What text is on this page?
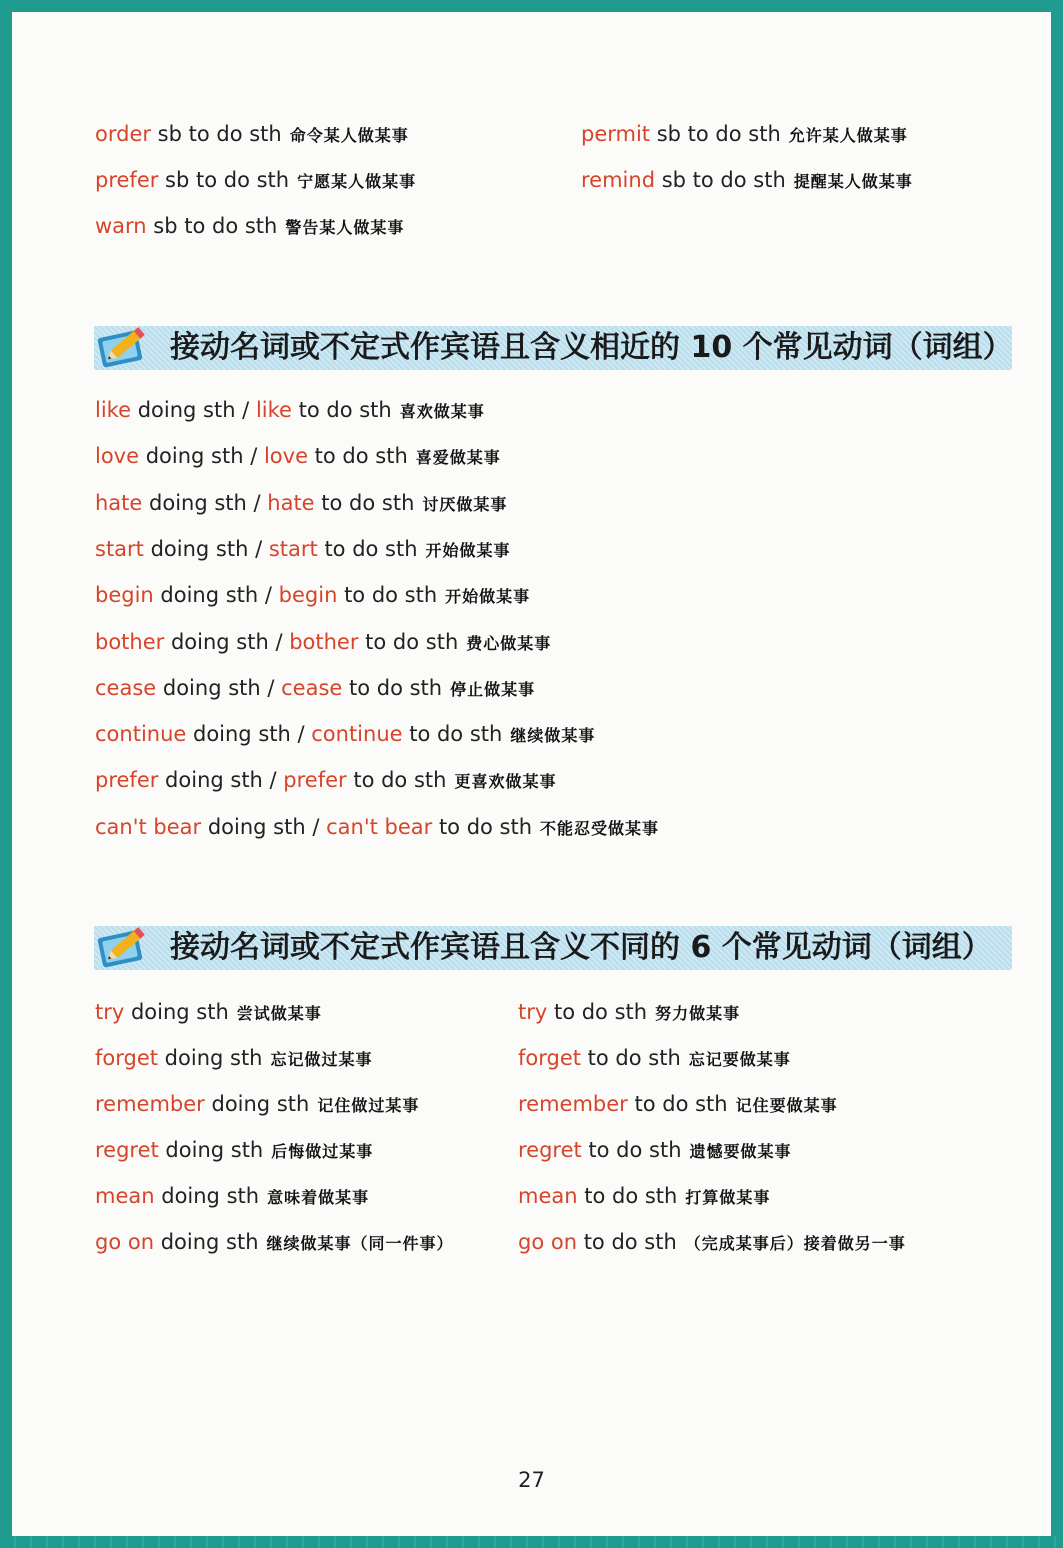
order sb to do sth 命令某人做某事	permit sb to do sth 允许某人做某事
prefer sb to do sth 宁愿某人做某事	remind sb to do sth 提醒某人做某事
warn sb to do sth 警告某人做某事
接动名词或不定式作宾语且含义相近的 10 个常见动词（词组）
like doing sth / like to do sth 喜欢做某事
love doing sth / love to do sth 喜爱做某事
hate doing sth / hate to do sth 讨厌做某事
start doing sth / start to do sth 开始做某事
begin doing sth / begin to do sth 开始做某事
bother doing sth / bother to do sth 费心做某事
cease doing sth / cease to do sth 停止做某事
continue doing sth / continue to do sth 继续做某事
prefer doing sth / prefer to do sth 更喜欢做某事
can't bear doing sth / can't bear to do sth 不能忍受做某事
接动名词或不定式作宾语且含义不同的 6 个常见动词（词组）
try doing sth 尝试做某事
forget doing sth 忘记做过某事
remember doing sth 记住做过某事
regret doing sth 后悔做过某事
mean doing sth 意味着做某事
go on doing sth 继续做某事（同一件事）
try to do sth 努力做某事
forget to do sth 忘记要做某事
remember to do sth 记住要做某事
regret to do sth 遗憾要做某事
mean to do sth 打算做某事
go on to do sth （完成某事后）接着做另一事
27
